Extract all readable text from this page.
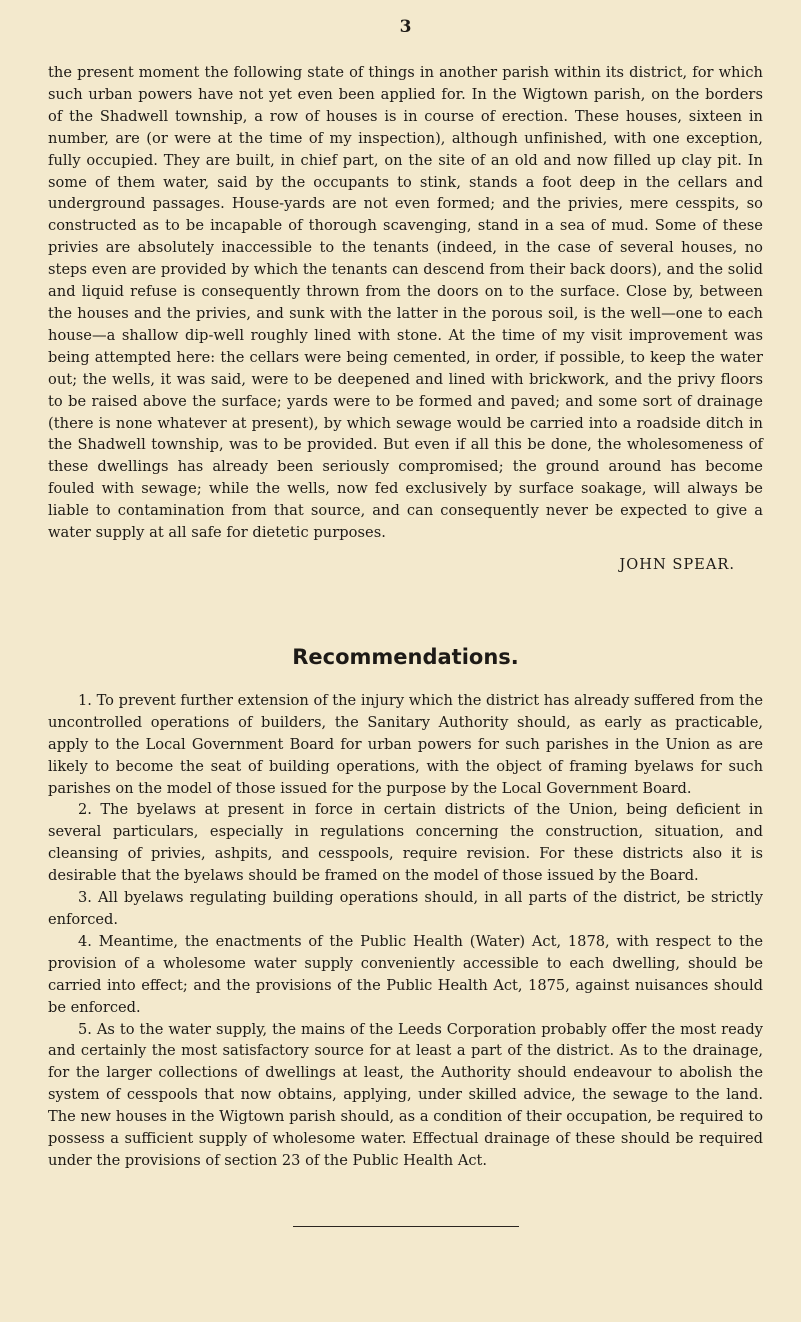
3

the present moment the following state of things in another parish within its district, for which such urban powers have not yet even been applied for. In the Wigtown parish, on the borders of the Shadwell township, a row of houses is in course of erection. These houses, sixteen in number, are (or were at the time of my inspection), although unfinished, with one exception, fully occupied. They are built, in chief part, on the site of an old and now filled up clay pit. In some of them water, said by the occupants to stink, stands a foot deep in the cellars and underground passages. House-yards are not even formed; and the privies, mere cesspits, so constructed as to be incapable of thorough scavenging, stand in a sea of mud. Some of these privies are absolutely inaccessible to the tenants (indeed, in the case of several houses, no steps even are provided by which the tenants can descend from their back doors), and the solid and liquid refuse is consequently thrown from the doors on to the surface. Close by, between the houses and the privies, and sunk with the latter in the porous soil, is the well—one to each house—a shallow dip-well roughly lined with stone. At the time of my visit improvement was being attempted here: the cellars were being cemented, in order, if possible, to keep the water out; the wells, it was said, were to be deepened and lined with brickwork, and the privy floors to be raised above the surface; yards were to be formed and paved; and some sort of drainage (there is none whatever at present), by which sewage would be carried into a roadside ditch in the Shadwell township, was to be provided. But even if all this be done, the wholesomeness of these dwellings has already been seriously compromised; the ground around has become fouled with sewage; while the wells, now fed exclusively by surface soakage, will always be liable to contamination from that source, and can consequently never be expected to give a water supply at all safe for dietetic purposes.

JOHN SPEAR.
Recommendations.

1. To prevent further extension of the injury which the district has already suffered from the uncontrolled operations of builders, the Sanitary Authority should, as early as practicable, apply to the Local Government Board for urban powers for such parishes in the Union as are likely to become the seat of building operations, with the object of framing byelaws for such parishes on the model of those issued for the purpose by the Local Government Board.

2. The byelaws at present in force in certain districts of the Union, being deficient in several particulars, especially in regulations concerning the construction, situation, and cleansing of privies, ashpits, and cesspools, require revision. For these districts also it is desirable that the byelaws should be framed on the model of those issued by the Board.

3. All byelaws regulating building operations should, in all parts of the district, be strictly enforced.

4. Meantime, the enactments of the Public Health (Water) Act, 1878, with respect to the provision of a wholesome water supply conveniently accessible to each dwelling, should be carried into effect; and the provisions of the Public Health Act, 1875, against nuisances should be enforced.

5. As to the water supply, the mains of the Leeds Corporation probably offer the most ready and certainly the most satisfactory source for at least a part of the district. As to the drainage, for the larger collections of dwellings at least, the Authority should endeavour to abolish the system of cesspools that now obtains, applying, under skilled advice, the sewage to the land. The new houses in the Wigtown parish should, as a condition of their occupation, be required to possess a sufficient supply of wholesome water. Effectual drainage of these should be required under the provisions of section 23 of the Public Health Act.
